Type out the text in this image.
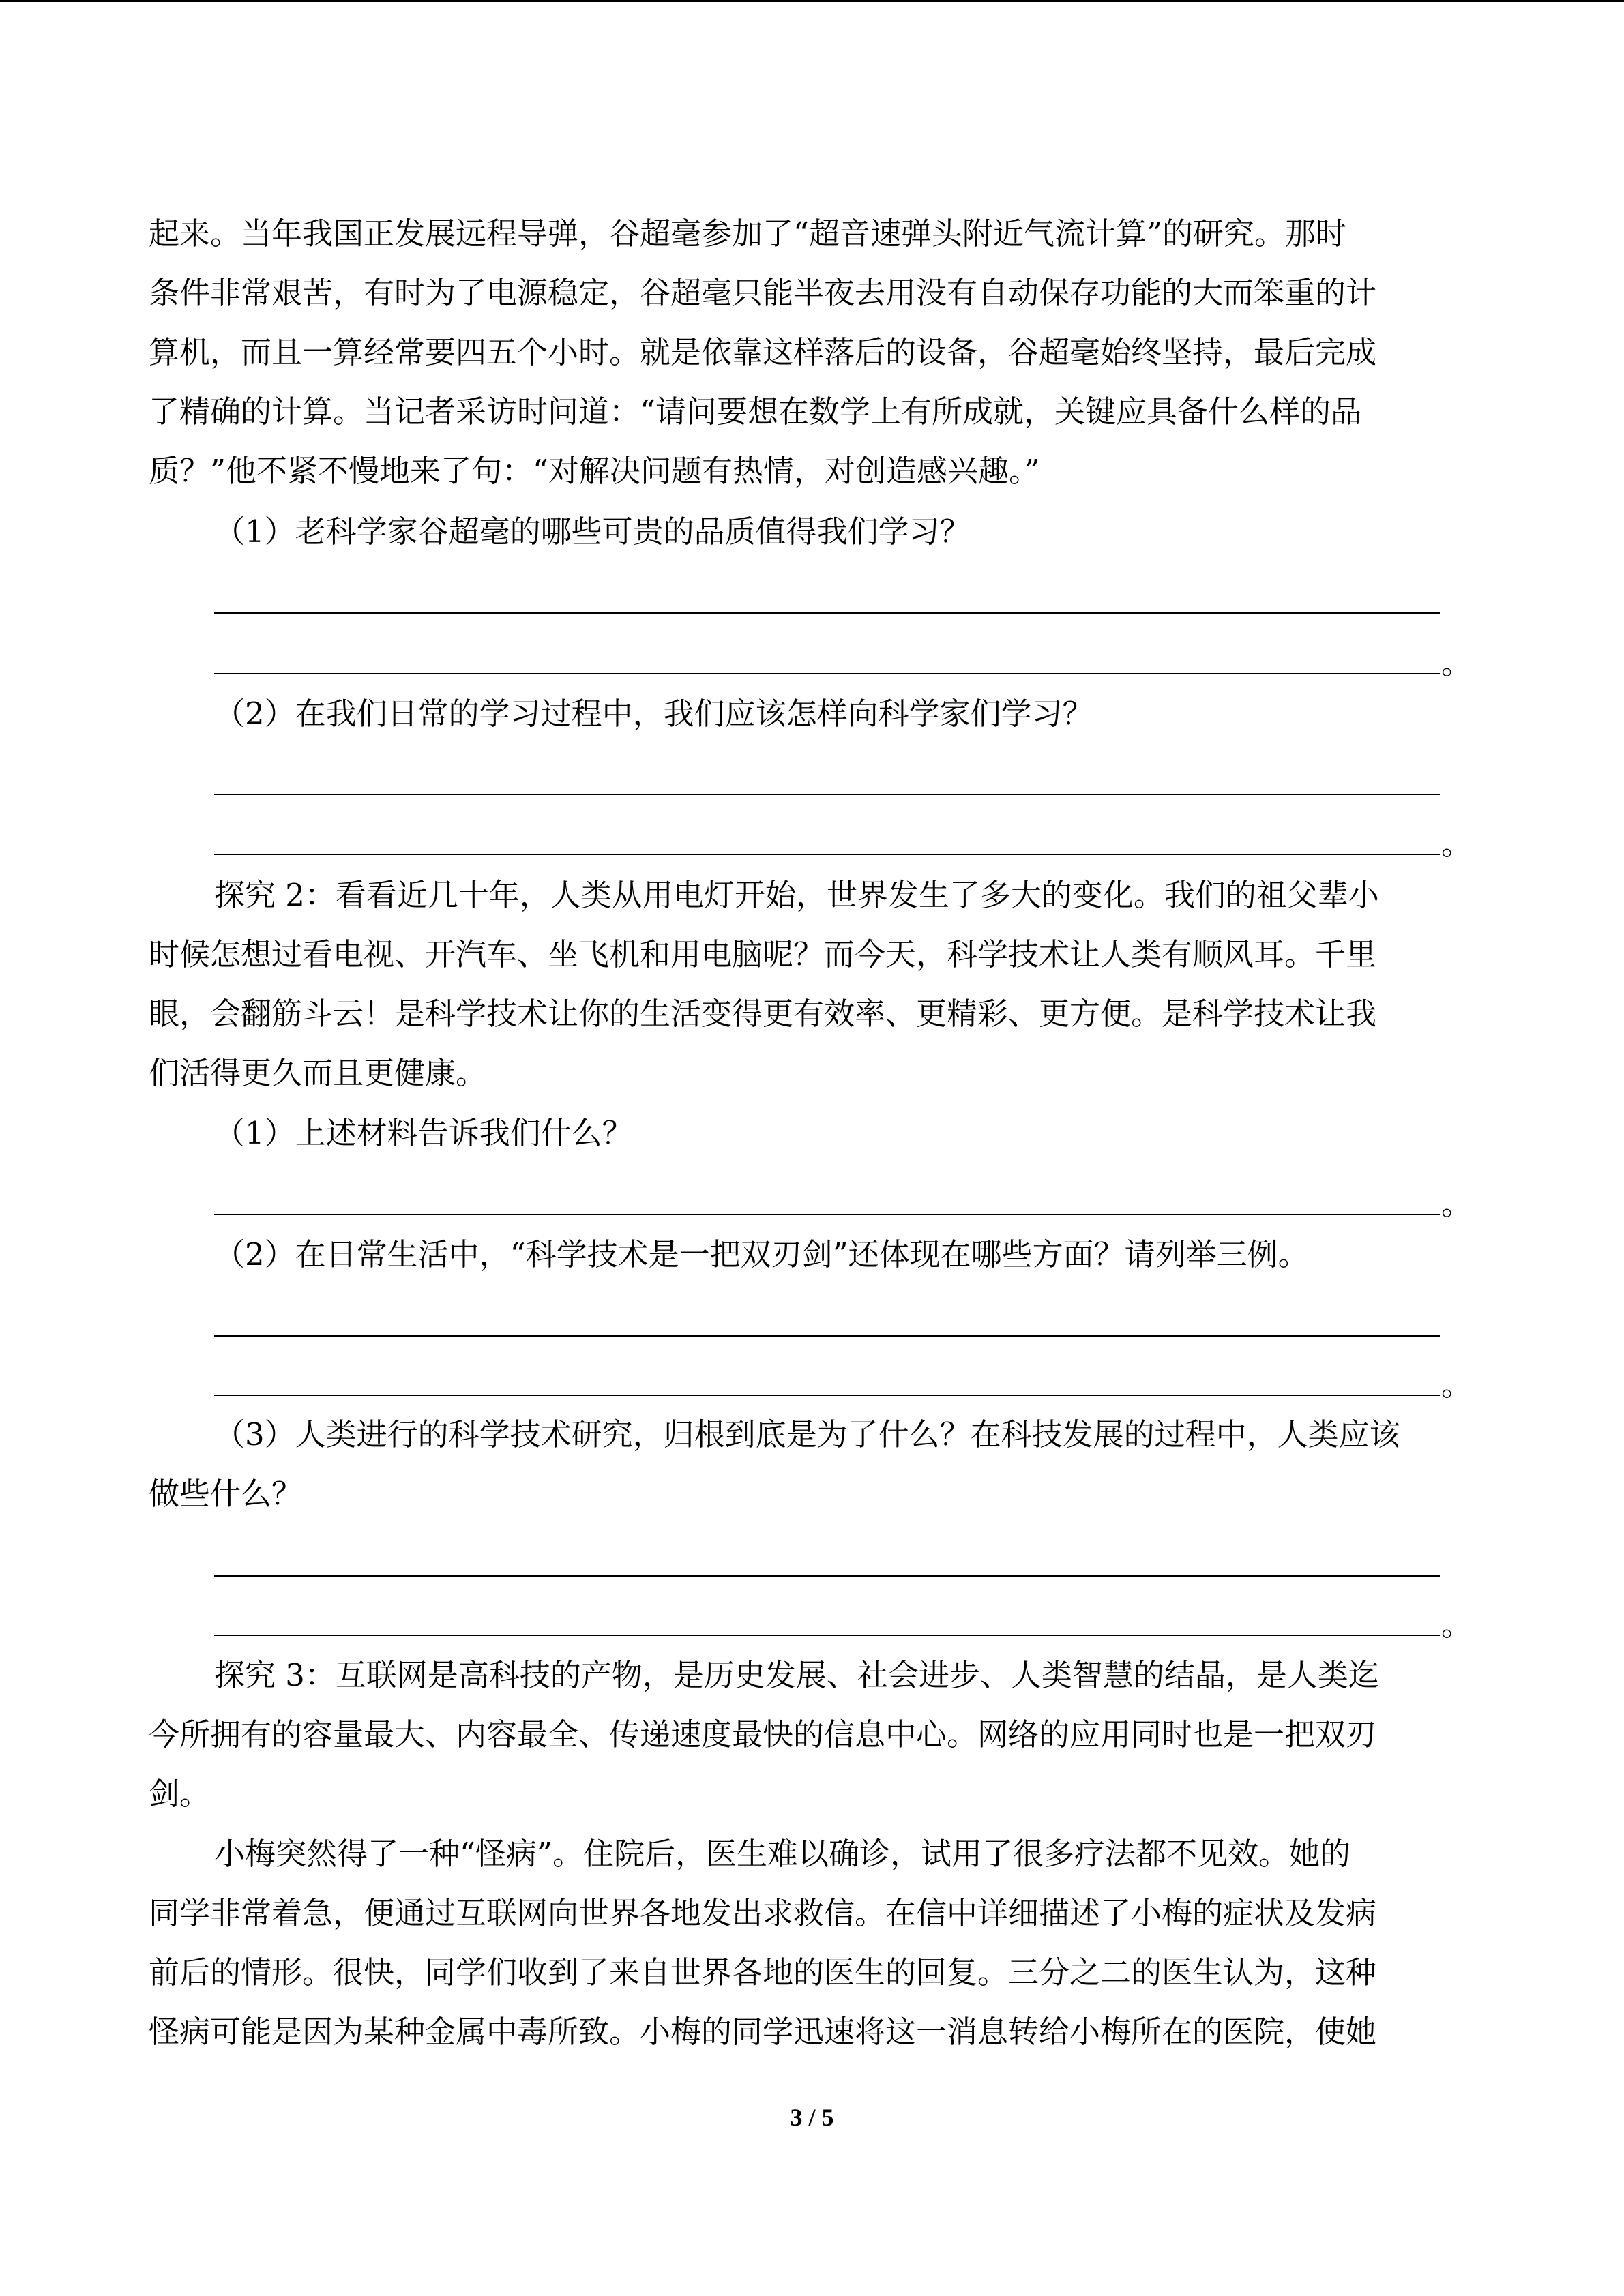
起来。当年我国正发展远程导弹，谷超毫参加了“超音速弹头附近气流计算”的研究。那时
条件非常艰苦，有时为了电源稳定，谷超毫只能半夜去用没有自动保存功能的大而笨重的计
算机，而且一算经常要四五个小时。就是依靠这样落后的设备，谷超毫始终坚持，最后完成
了精确的计算。当记者采访时问道：“请问要想在数学上有所成就，关键应具备什么样的品
质？”他不紧不慢地来了句：“对解决问题有热情，对创造感兴趣。”
（1）老科学家谷超毫的哪些可贵的品质值得我们学习？
。
（2）在我们日常的学习过程中，我们应该怎样向科学家们学习？
。
探究 2：看看近几十年，人类从用电灯开始，世界发生了多大的变化。我们的祖父辈小
时候怎想过看电视、开汽车、坐飞机和用电脑呢？而今天，科学技术让人类有顺风耳。千里
眼，会翻筋斗云！是科学技术让你的生活变得更有效率、更精彩、更方便。是科学技术让我
们活得更久而且更健康。
（1）上述材料告诉我们什么？
。
（2）在日常生活中，“科学技术是一把双刃剑”还体现在哪些方面？请列举三例。
。
（3）人类进行的科学技术研究，归根到底是为了什么？在科技发展的过程中，人类应该
做些什么？
。
探究 3：互联网是高科技的产物，是历史发展、社会进步、人类智慧的结晶，是人类迄
今所拥有的容量最大、内容最全、传递速度最快的信息中心。网络的应用同时也是一把双刃
剑。
小梅突然得了一种“怪病”。住院后，医生难以确诊，试用了很多疗法都不见效。她的
同学非常着急，便通过互联网向世界各地发出求救信。在信中详细描述了小梅的症状及发病
前后的情形。很快，同学们收到了来自世界各地的医生的回复。三分之二的医生认为，这种
怪病可能是因为某种金属中毒所致。小梅的同学迅速将这一消息转给小梅所在的医院，使她
3 / 5
